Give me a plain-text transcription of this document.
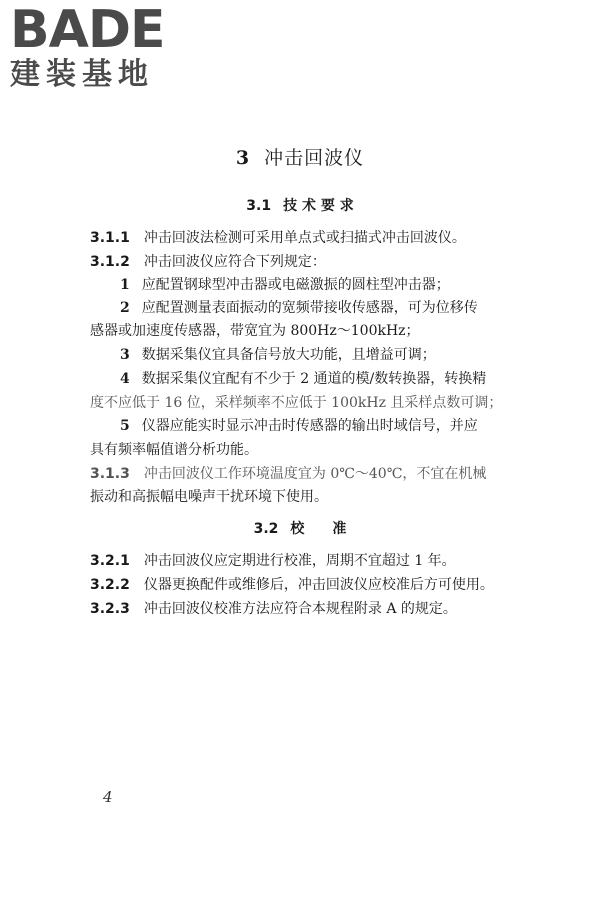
BADE
建装基地
3 冲击回波仪
3.1 技 术 要 求
3.1.1 冲击回波法检测可采用单点式或扫描式冲击回波仪。
3.1.2 冲击回波仪应符合下列规定：
1 应配置钢球型冲击器或电磁激振的圆柱型冲击器；
2 应配置测量表面振动的宽频带接收传感器，可为位移传
感器或加速度传感器，带宽宜为 800Hz～100kHz；
3 数据采集仪宜具备信号放大功能，且增益可调；
4 数据采集仪宜配有不少于 2 通道的模/数转换器，转换精
度不应低于 16 位，采样频率不应低于 100kHz 且采样点数可调；
5 仪器应能实时显示冲击时传感器的输出时域信号，并应
具有频率幅值谱分析功能。
3.1.3 冲击回波仪工作环境温度宜为 0℃～40℃，不宜在机械
振动和高振幅电噪声干扰环境下使用。
3.2 校　　准
3.2.1 冲击回波仪应定期进行校准，周期不宜超过 1 年。
3.2.2 仪器更换配件或维修后，冲击回波仪应校准后方可使用。
3.2.3 冲击回波仪校准方法应符合本规程附录 A 的规定。
4
